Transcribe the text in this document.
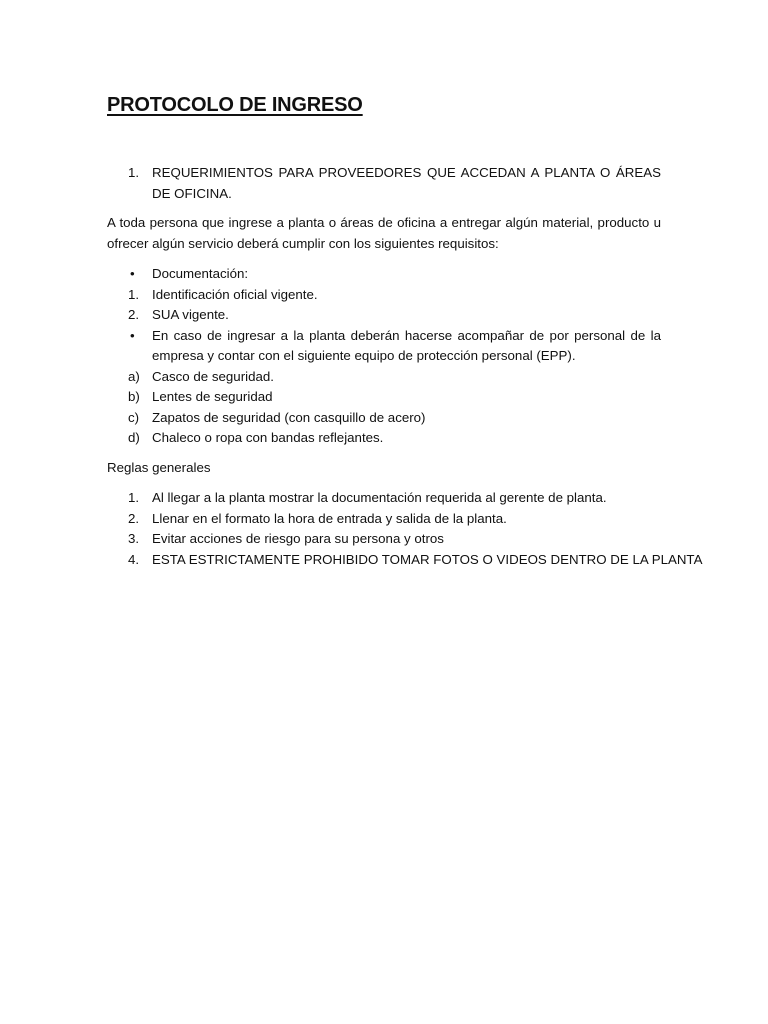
PROTOCOLO DE INGRESO
1. REQUERIMIENTOS PARA PROVEEDORES QUE ACCEDAN A PLANTA O ÁREAS DE OFICINA.

A toda persona que ingrese a planta o áreas de oficina a entregar algún material, producto u ofrecer algún servicio deberá cumplir con los siguientes requisitos:

•	Documentación:
1. Identificación oficial vigente.
2. SUA vigente.
•	En caso de ingresar a la planta deberán hacerse acompañar de por personal de la empresa y contar con el siguiente equipo de protección personal (EPP).
a) Casco de seguridad.
b) Lentes de seguridad
c) Zapatos de seguridad (con casquillo de acero)
d) Chaleco o ropa con bandas reflejantes.

Reglas generales

1. Al llegar a la planta mostrar la documentación requerida al gerente de planta.
2. Llenar en el formato la hora de entrada y salida de la planta.
3. Evitar acciones de riesgo para su persona y otros
4. ESTA ESTRICTAMENTE PROHIBIDO TOMAR FOTOS O VIDEOS DENTRO DE LA PLANTA
